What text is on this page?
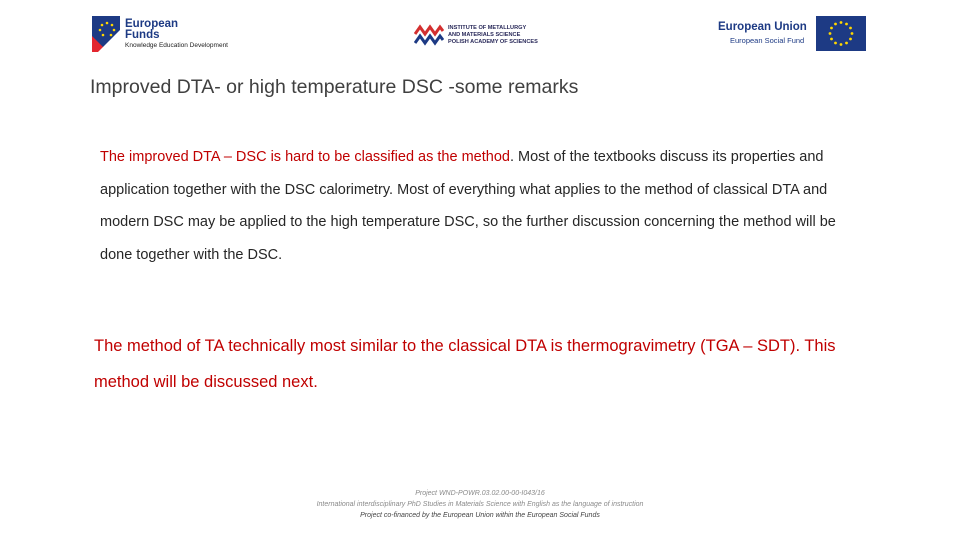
European
Funds
Knowledge Education Development
INSTITUTE OF METALLURGY
AND MATERIALS SCIENCE
POLISH ACADEMY OF SCIENCES
European Union
European Social Fund
Improved DTA- or high temperature DSC -some remarks
The improved DTA – DSC is hard to be classified as the method. Most of the textbooks discuss its properties and application together with the DSC calorimetry. Most of everything what applies to the method of classical DTA and modern DSC may be applied to the high temperature DSC, so the further discussion concerning the method will be done together with the DSC.
The method of TA technically most similar to the classical DTA is thermogravimetry (TGA – SDT). This method will be discussed next.
Project WND-POWR.03.02.00-00-I043/16
International interdisciplinary PhD Studies in Materials Science with English as the language of instruction
Project co-financed by the European Union within the European Social Funds
